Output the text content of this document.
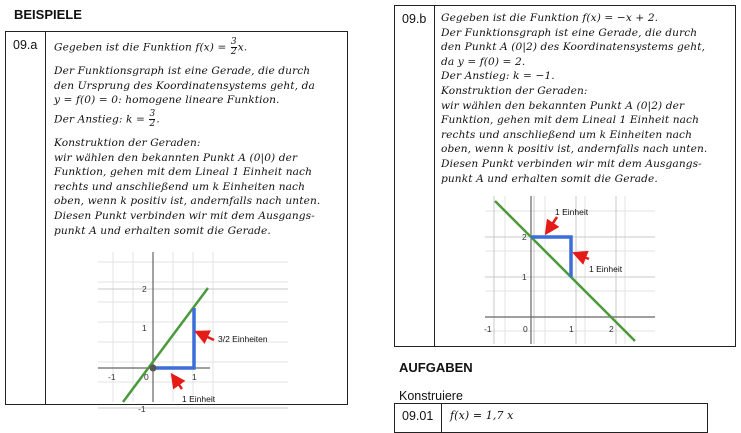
BEISPIELE
09.a	Gegeben ist die Funktion $f(x) = \frac{3}{2} x$.
Der Funktionsgraph ist eine Gerade, die durch
den Ursprung des Koordinatensystems geht, da
y = f(0) = 0: homogene lineare Funktion.
Der Anstieg: $k = \frac{3}{2}$ .
Konstruktion der Geraden:
wir wählen den bekannten Punkt A (0|0) der
Funktion, gehen mit dem Lineal 1 Einheit nach
rechts und anschließend um k Einheiten nach
oben, wenn k positiv ist, andernfalls nach unten.
Diesen Punkt verbinden wir mit dem Ausgangs-
punkt A und erhalten somit die Gerade.
-1	0	1
2
1
-1
3/2 Einheiten
1 Einheit
09.b	Gegeben ist die Funktion f(x) = −x + 2.
Der Funktionsgraph ist eine Gerade, die durch
den Punkt A (0|2) des Koordinatensystems geht,
da y = f(0) = 2.
Der Anstieg: k = −1.
Konstruktion der Geraden:
wir wählen den bekannten Punkt A (0|2) der
Funktion, gehen mit dem Lineal 1 Einheit nach
rechts und anschließend um k Einheiten nach
oben, wenn k positiv ist, andernfalls nach unten.
Diesen Punkt verbinden wir mit dem Ausgangs-
punkt A und erhalten somit die Gerade.
-1	0	1	2
2
1
1 Einheit
1 Einheit
AUFGABEN
Konstruiere
09.01	f(x) = 1,7 x
